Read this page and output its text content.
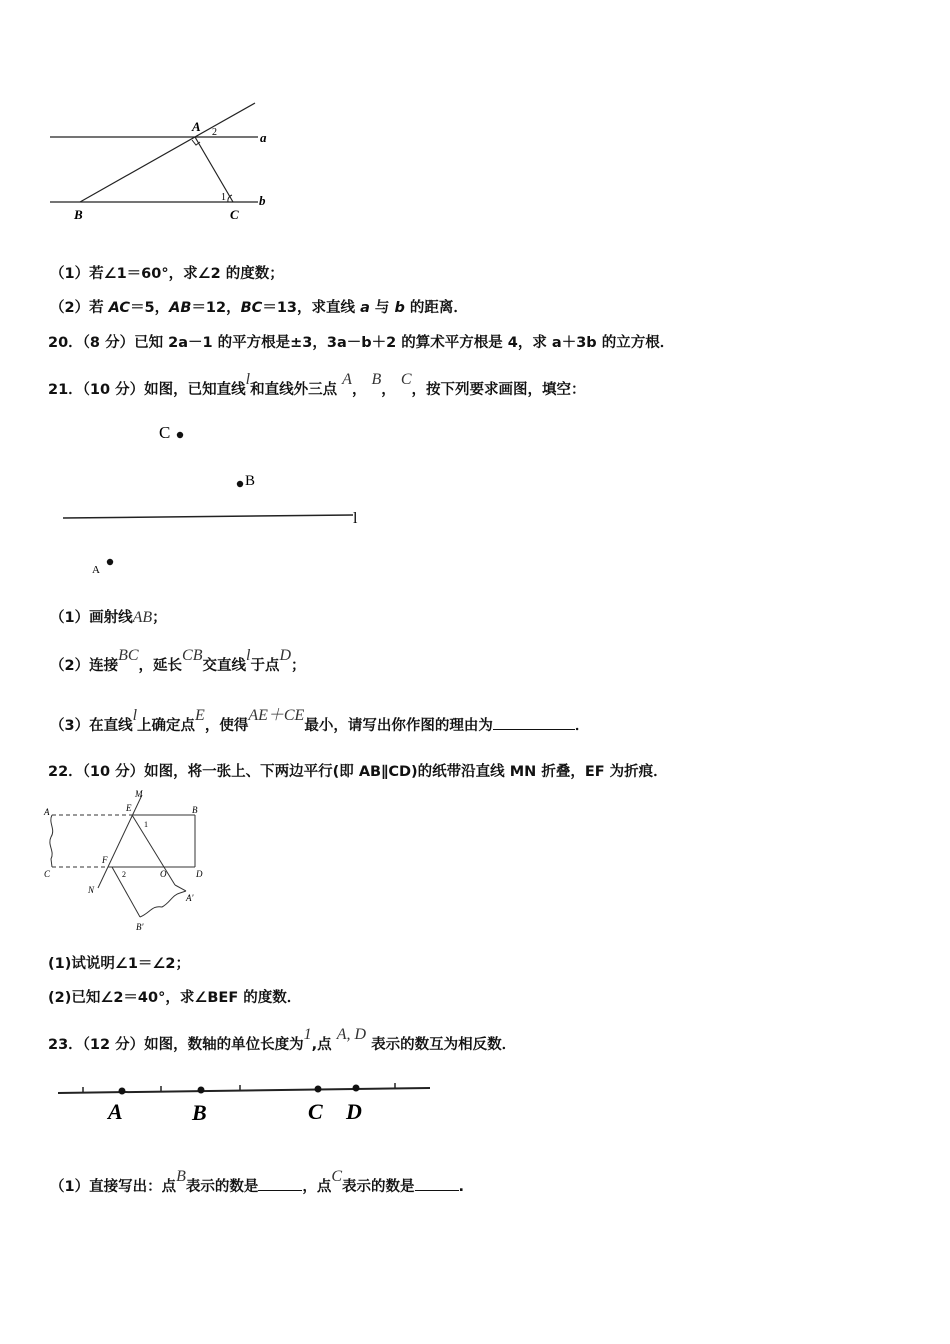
A 2	a
B
1
C
b
（1）若∠1＝60°，求∠2 的度数；
（2）若 AC＝5，AB＝12，BC＝13，求直线 a 与 b 的距离．
20．（8 分）已知 2a－1 的平方根是±3，3a－b＋2 的算术平方根是 4，求 a＋3b 的立方根．
21．（10 分）如图，已知直线l和直线外三点 A， B， C，按下列要求画图，填空：
C
B
l
A
（1）画射线AB；
（2）连接BC，延长CB交直线l于点D；
（3）在直线l上确定点E，使得AE＋CE最小，请写出你作图的理由为	．
22．（10 分）如图，将一张上、下两边平行(即 AB∥CD)的纸带沿直线 MN 折叠，EF 为折痕．
A
M
E	B
1
F
C	2	O	D
N
A'
B'
(1)试说明∠1＝∠2；
(2)已知∠2＝40°，求∠BEF 的度数．
23．（12 分）如图，数轴的单位长度为1,点 A, D 表示的数互为相反数．
A	B	C D
（1）直接写出：点B表示的数是	，点C表示的数是	.
